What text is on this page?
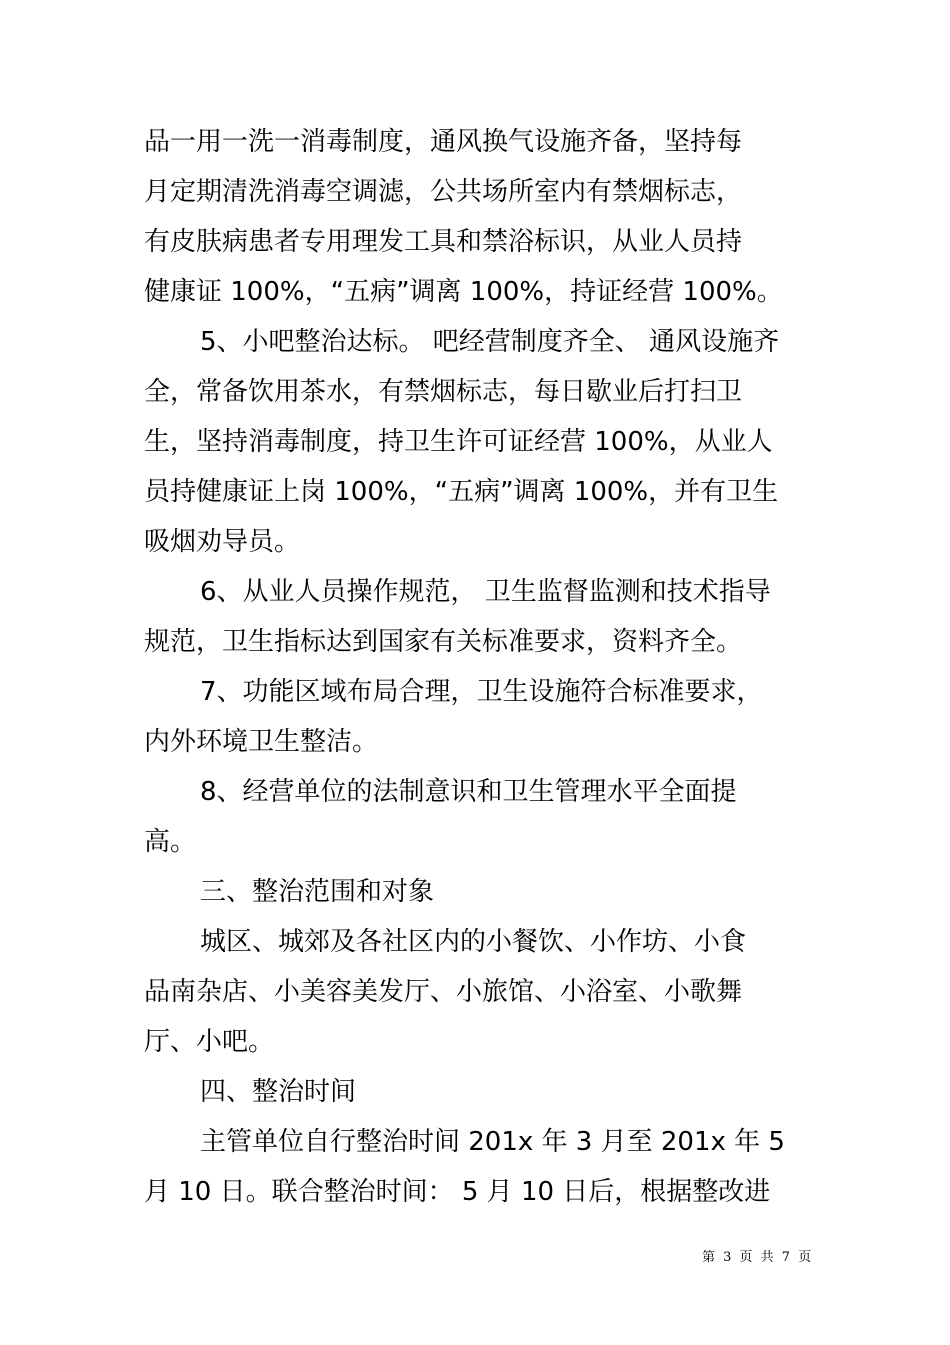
品一用一洗一消毒制度，通风换气设施齐备，坚持每
月定期清洗消毒空调滤，公共场所室内有禁烟标志，
有皮肤病患者专用理发工具和禁浴标识，从业人员持
健康证 100%，“五病”调离 100%，持证经营 100%。
5、小吧整治达标。 吧经营制度齐全、 通风设施齐
全，常备饮用茶水，有禁烟标志，每日歇业后打扫卫
生，坚持消毒制度，持卫生许可证经营 100%，从业人
员持健康证上岗 100%，“五病”调离 100%，并有卫生
吸烟劝导员。
6、从业人员操作规范， 卫生监督监测和技术指导
规范，卫生指标达到国家有关标准要求，资料齐全。
7、功能区域布局合理，卫生设施符合标准要求，
内外环境卫生整洁。
8、经营单位的法制意识和卫生管理水平全面提
高。
三、整治范围和对象
城区、城郊及各社区内的小餐饮、小作坊、小食
品南杂店、小美容美发厅、小旅馆、小浴室、小歌舞
厅、小吧。
四、整治时间
主管单位自行整治时间 201x 年 3 月至 201x 年 5
月 10 日。联合整治时间： 5 月 10 日后，根据整改进
第 3 页 共 7 页
